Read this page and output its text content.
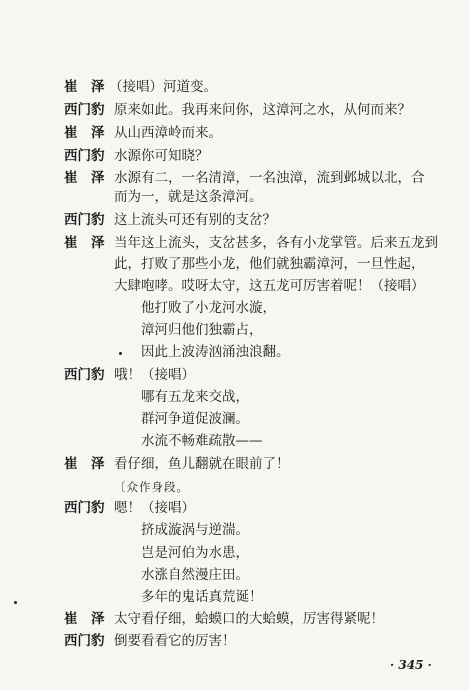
崔　泽 （接唱）河道变。
西门豹 原来如此。我再来问你，这漳河之水，从何而来？
崔　泽 从山西漳岭而来。
西门豹 水源你可知晓？
崔　泽 水源有二，一名清漳，一名浊漳，流到邺城以北，合
而为一，就是这条漳河。
西门豹 这上流头可还有别的支岔？
崔　泽 当年这上流头，支岔甚多，各有小龙掌管。后来五龙到
此，打败了那些小龙，他们就独霸漳河，一旦性起，
大肆咆哮。哎呀太守，这五龙可厉害着呢！（接唱）
他打败了小龙河水漩，
漳河归他们独霸占，
因此上波涛汹涌浊浪翻。
西门豹 哦！（接唱）
哪有五龙来交战，
群河争道促波澜。
水流不畅难疏散——
崔　泽 看仔细，鱼儿翻就在眼前了！
〔众作身段。
西门豹 嗯！（接唱）
挤成漩涡与逆湍。
岂是河伯为水患，
水涨自然漫庄田。
多年的鬼话真荒诞！
崔　泽 太守看仔细，蛤蟆口的大蛤蟆，厉害得紧呢！
西门豹 倒要看看它的厉害！
· 345 ·
